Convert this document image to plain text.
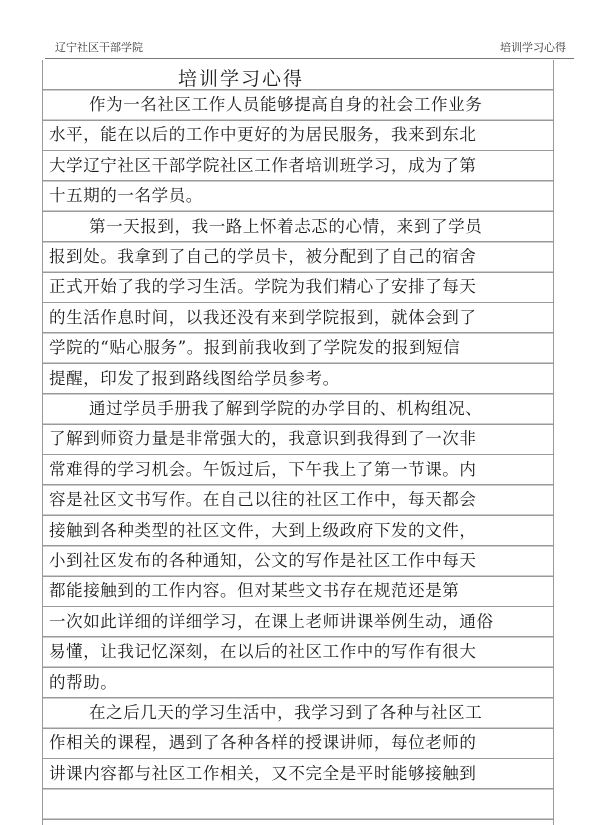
辽宁社区干部学院	培训学习心得
培训学习心得
作为一名社区工作人员能够提高自身的社会工作业务
水平，能在以后的工作中更好的为居民服务，我来到东北
大学辽宁社区干部学院社区工作者培训班学习，成为了第
十五期的一名学员。
第一天报到，我一路上怀着忐忑的心情，来到了学员
报到处。我拿到了自己的学员卡，被分配到了自己的宿舍
正式开始了我的学习生活。学院为我们精心了安排了每天
的生活作息时间，以我还没有来到学院报到，就体会到了
学院的“贴心服务”。报到前我收到了学院发的报到短信
提醒，印发了报到路线图给学员参考。
通过学员手册我了解到学院的办学目的、机构组况、
了解到师资力量是非常强大的，我意识到我得到了一次非
常难得的学习机会。午饭过后，下午我上了第一节课。内
容是社区文书写作。在自己以往的社区工作中，每天都会
接触到各种类型的社区文件，大到上级政府下发的文件，
小到社区发布的各种通知，公文的写作是社区工作中每天
都能接触到的工作内容。但对某些文书存在规范还是第
一次如此详细的详细学习，在课上老师讲课举例生动，通俗
易懂，让我记忆深刻，在以后的社区工作中的写作有很大
的帮助。
在之后几天的学习生活中，我学习到了各种与社区工
作相关的课程，遇到了各种各样的授课讲师，每位老师的
讲课内容都与社区工作相关，又不完全是平时能够接触到
